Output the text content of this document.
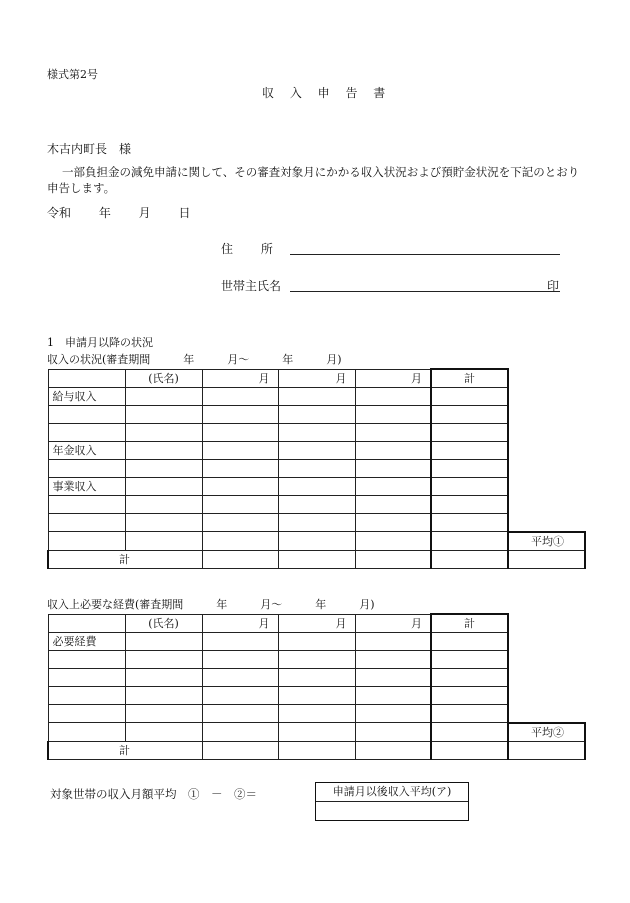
様式第2号
収 入 申 告 書
木古内町長　様
一部負担金の減免申請に関して、その審査対象月にかかる収入状況および預貯金状況を下記のとおり
申告します。
令和　　 年　　 月　　 日
住　　 所
世帯主氏名	印
1　申請月以降の状況
収入の状況(審査期間　　　年　　　月～　　　年　　　月)
	(氏名)	月	月	月	計	
給与収入						

年金収入						

事業収入						

						平均①
計						
収入上必要な経費(審査期間　　　年　　　月～　　　年　　　月)
	(氏名)	月	月	月	計	
必要経費						

						平均②
計						
対象世帯の収入月額平均　①　－　②＝	申請月以後収入平均(ア)
